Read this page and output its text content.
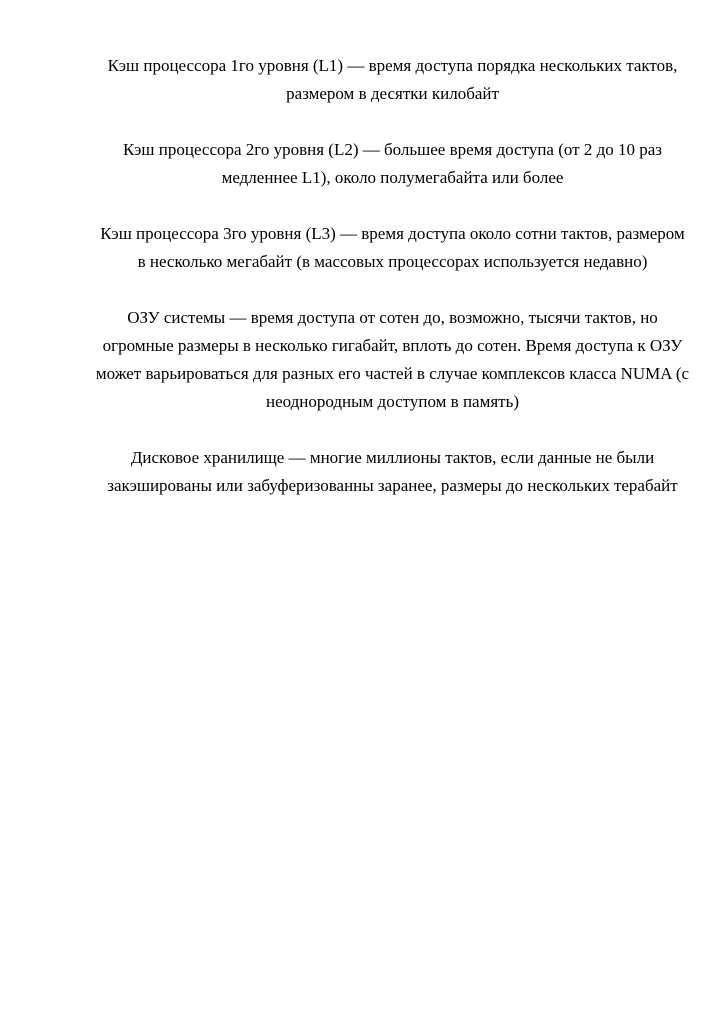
Кэш процессора 1го уровня (L1) — время доступа порядка нескольких тактов, размером в десятки килобайт

Кэш процессора 2го уровня (L2) — большее время доступа (от 2 до 10 раз медленнее L1), около полумегабайта или более

Кэш процессора 3го уровня (L3) — время доступа около сотни тактов, размером в несколько мегабайт (в массовых процессорах используется недавно)

ОЗУ системы — время доступа от сотен до, возможно, тысячи тактов, но огромные размеры в несколько гигабайт, вплоть до сотен. Время доступа к ОЗУ может варьироваться для разных его частей в случае комплексов класса NUMA (с неоднородным доступом в память)

Дисковое хранилище — многие миллионы тактов, если данные не были закэшированы или забуферизованны заранее, размеры до нескольких терабайт
